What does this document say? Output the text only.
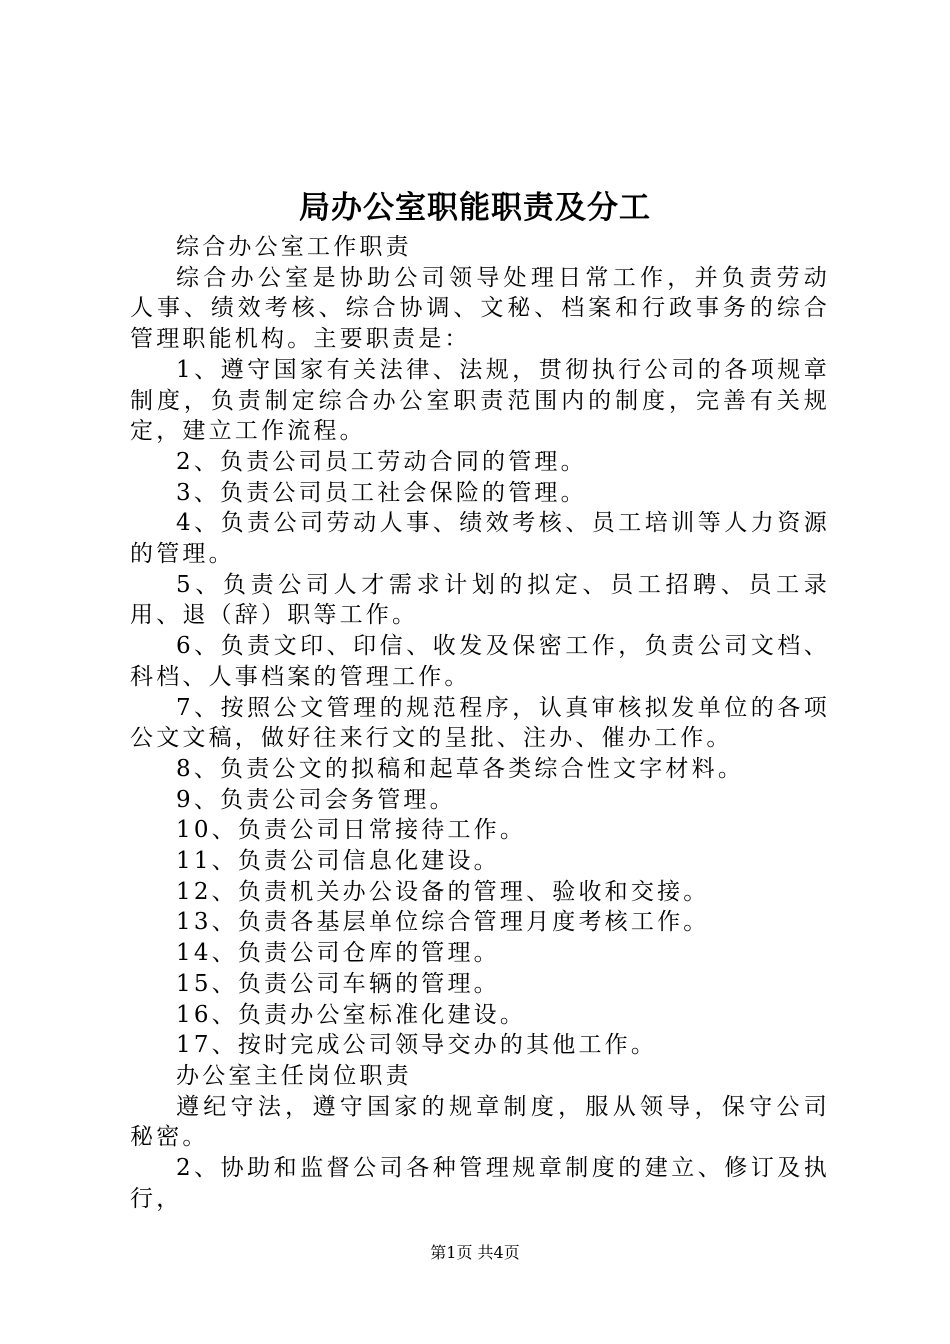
局办公室职能职责及分工

综合办公室工作职责

综合办公室是协助公司领导处理日常工作，并负责劳动人事、绩效考核、综合协调、文秘、档案和行政事务的综合管理职能机构。主要职责是：

1、遵守国家有关法律、法规，贯彻执行公司的各项规章制度，负责制定综合办公室职责范围内的制度，完善有关规定，建立工作流程。

2、负责公司员工劳动合同的管理。

3、负责公司员工社会保险的管理。

4、负责公司劳动人事、绩效考核、员工培训等人力资源的管理。

5、负责公司人才需求计划的拟定、员工招聘、员工录用、退（辞）职等工作。

6、负责文印、印信、收发及保密工作，负责公司文档、科档、人事档案的管理工作。

7、按照公文管理的规范程序，认真审核拟发单位的各项公文文稿，做好往来行文的呈批、注办、催办工作。

8、负责公文的拟稿和起草各类综合性文字材料。

9、负责公司会务管理。

10、负责公司日常接待工作。

11、负责公司信息化建设。

12、负责机关办公设备的管理、验收和交接。

13、负责各基层单位综合管理月度考核工作。

14、负责公司仓库的管理。

15、负责公司车辆的管理。

16、负责办公室标准化建设。

17、按时完成公司领导交办的其他工作。

办公室主任岗位职责

遵纪守法，遵守国家的规章制度，服从领导，保守公司秘密。

2、协助和监督公司各种管理规章制度的建立、修订及执行，

第1页 共4页
